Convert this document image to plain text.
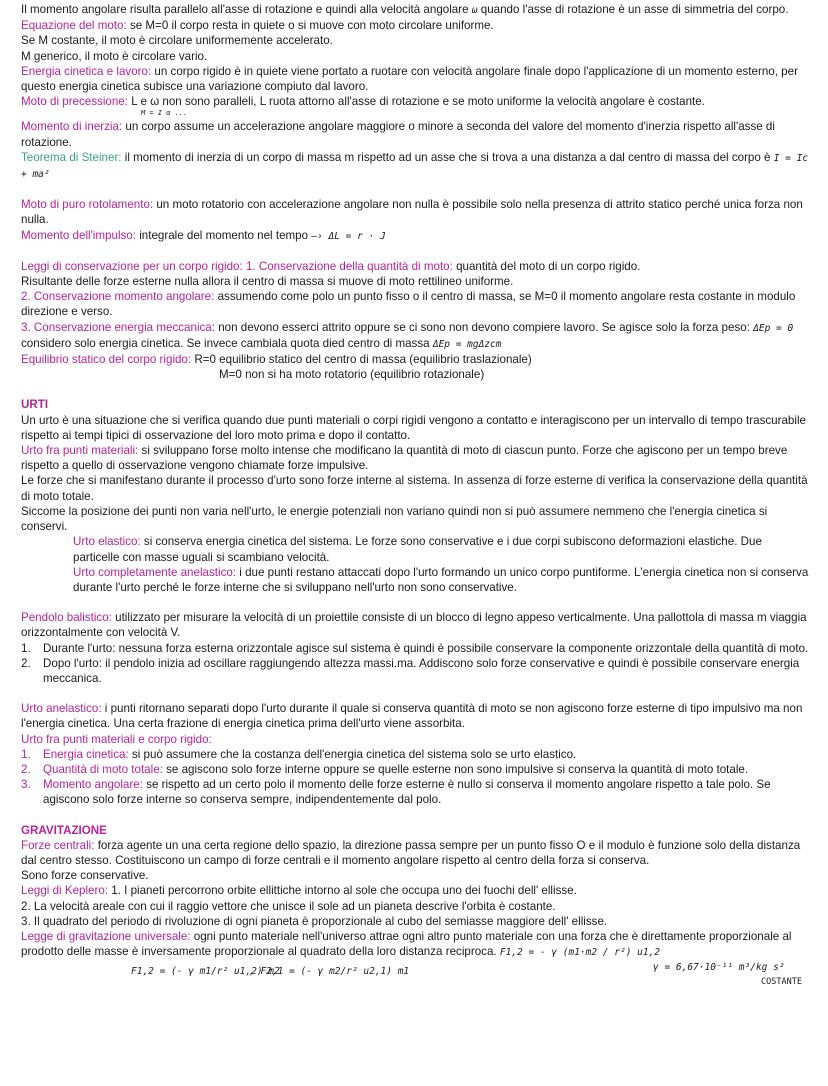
Il momento angolare risulta parallelo all'asse di rotazione e quindi alla velocità angolare ω quando l'asse di rotazione è un asse di simmetria del corpo.

Equazione del moto: se M=0 il corpo resta in quiete o si muove con moto circolare uniforme.

Se M costante, il moto è circolare uniformemente accelerato.

M generico, il moto è circolare vario.

Energia cinetica e lavoro: un corpo rigido è in quiete viene portato a ruotare con velocità angolare finale dopo l'applicazione di un momento esterno, per questo energia cinetica subisce una variazione compiuto dal lavoro.

Moto di precessione: L e ω non sono paralleli, L ruota attorno all'asse di rotazione e se moto uniforme la velocità angolare è costante.

M = I α ...

Momento di inerzia: un corpo assume un accelerazione angolare maggiore o minore a seconda del valore del momento d'inerzia rispetto all'asse di rotazione.

Teorema di Steiner: il momento di inerzia di un corpo di massa m rispetto ad un asse che si trova a una distanza a dal centro di massa del corpo è I = Ic + ma²

Moto di puro rotolamento: un moto rotatorio con accelerazione angolare non nulla è possibile solo nella presenza di attrito statico perché unica forza non nulla.

Momento dell'impulso: integrale del momento nel tempo —› ΔL = r · J

Leggi di conservazione per un corpo rigido: 1. Conservazione della quantità di moto: quantità del moto di un corpo rigido.

Risultante delle forze esterne nulla allora il centro di massa si muove di moto rettilineo uniforme.

2. Conservazione momento angolare: assumendo come polo un punto fisso o il centro di massa, se M=0 il momento angolare resta costante in modulo direzione e verso.

3. Conservazione energia meccanica: non devono esserci attrito oppure se ci sono non devono compiere lavoro. Se agisce solo la forza peso: ΔEp = 0 considero solo energia cinetica. Se invece cambiala quota died centro di massa ΔEp = mgΔzcm

Equilibrio statico del corpo rigido: R=0 equilibrio statico del centro di massa (equilibrio traslazionale)

M=0 non si ha moto rotatorio (equilibrio rotazionale)

URTI

Un urto è una situazione che si verifica quando due punti materiali o corpi rigidi vengono a contatto e interagiscono per un intervallo di tempo trascurabile rispetto ai tempi tipici di osservazione del loro moto prima e dopo il contatto.

Urto fra punti materiali: si sviluppano forse molto intense che modificano la quantità di moto di ciascun punto. Forze che agiscono per un tempo breve rispetto a quello di osservazione vengono chiamate forze impulsive.

Le forze che si manifestano durante il processo d'urto sono forze interne al sistema. In assenza di forze esterne di verifica la conservazione della quantità di moto totale.

Siccome la posizione dei punti non varia nell'urto, le energie potenziali non variano quindi non si può assumere nemmeno che l'energia cinetica si conservi.

Urto elastico: si conserva energia cinetica del sistema. Le forze sono conservative e i due corpi subiscono deformazioni elastiche. Due particelle con masse uguali si scambiano velocità.

Urto completamente anelastico: i due punti restano attaccati dopo l'urto formando un unico corpo puntiforme. L'energia cinetica non si conserva durante l'urto perché le forze interne che si sviluppano nell'urto non sono conservative.

Pendolo balistico: utilizzato per misurare la velocità di un proiettile consiste di un blocco di legno appeso verticalmente. Una pallottola di massa m viaggia orizzontalmente con velocità V.

1. Durante l'urto: nessuna forza esterna orizzontale agisce sul sistema è quindi è possibile conservare la componente orizzontale della quantità di moto.
2. Dopo l'urto: il pendolo inizia ad oscillare raggiungendo altezza massi.ma. Addiscono solo forze conservative e quindi è possibile conservare energia meccanica.

Urto anelastico: i punti ritornano separati dopo l'urto durante il quale si conserva quantità di moto se non agiscono forze esterne di tipo impulsivo ma non l'energia cinetica. Una certa frazione di energia cinetica prima dell'urto viene assorbita.

Urto fra punti materiali e corpo rigido:

1. Energia cinetica: si può assumere che la costanza dell'energia cinetica del sistema solo se urto elastico.
2. Quantità di moto totale: se agiscono solo forze interne oppure se quelle esterne non sono impulsive si conserva la quantità di moto totale.
3. Momento angolare: se rispetto ad un certo polo il momento delle forze esterne è nullo si conserva il momento angolare rispetto a tale polo. Se agiscono solo forze interne so conserva sempre, indipendentemente dal polo.

GRAVITAZIONE

Forze centrali: forza agente un una certa regione dello spazio, la direzione passa sempre per un punto fisso O e il modulo è funzione solo della distanza dal centro stesso. Costituiscono un campo di forze centrali e il momento angolare rispetto al centro della forza si conserva.

Sono forze conservative.

Leggi di Keplero: 1. I pianeti percorrono orbite ellittiche intorno al sole che occupa uno dei fuochi dell' ellisse.

2. La velocità areale con cui il raggio vettore che unisce il sole ad un pianeta descrive l'orbita è costante.

3. Il quadrato del periodo di rivoluzione di ogni pianeta è proporzionale al cubo del semiasse maggiore dell' ellisse.

Legge di gravitazione universale: ogni punto materiale nell'universo attrae ogni altro punto materiale con una forza che è direttamente proporzionale al prodotto delle masse è inversamente proporzionale al quadrato della loro distanza reciproca. F1,2 = - γ (m1·m2 / r²) u1,2

F1,2 = (- γ m1/r² u1,2) m2
, F2,1 = (- γ m2/r² u2,1) m1	γ = 6,67·10⁻¹¹ m³/kg s²
COSTANTE
